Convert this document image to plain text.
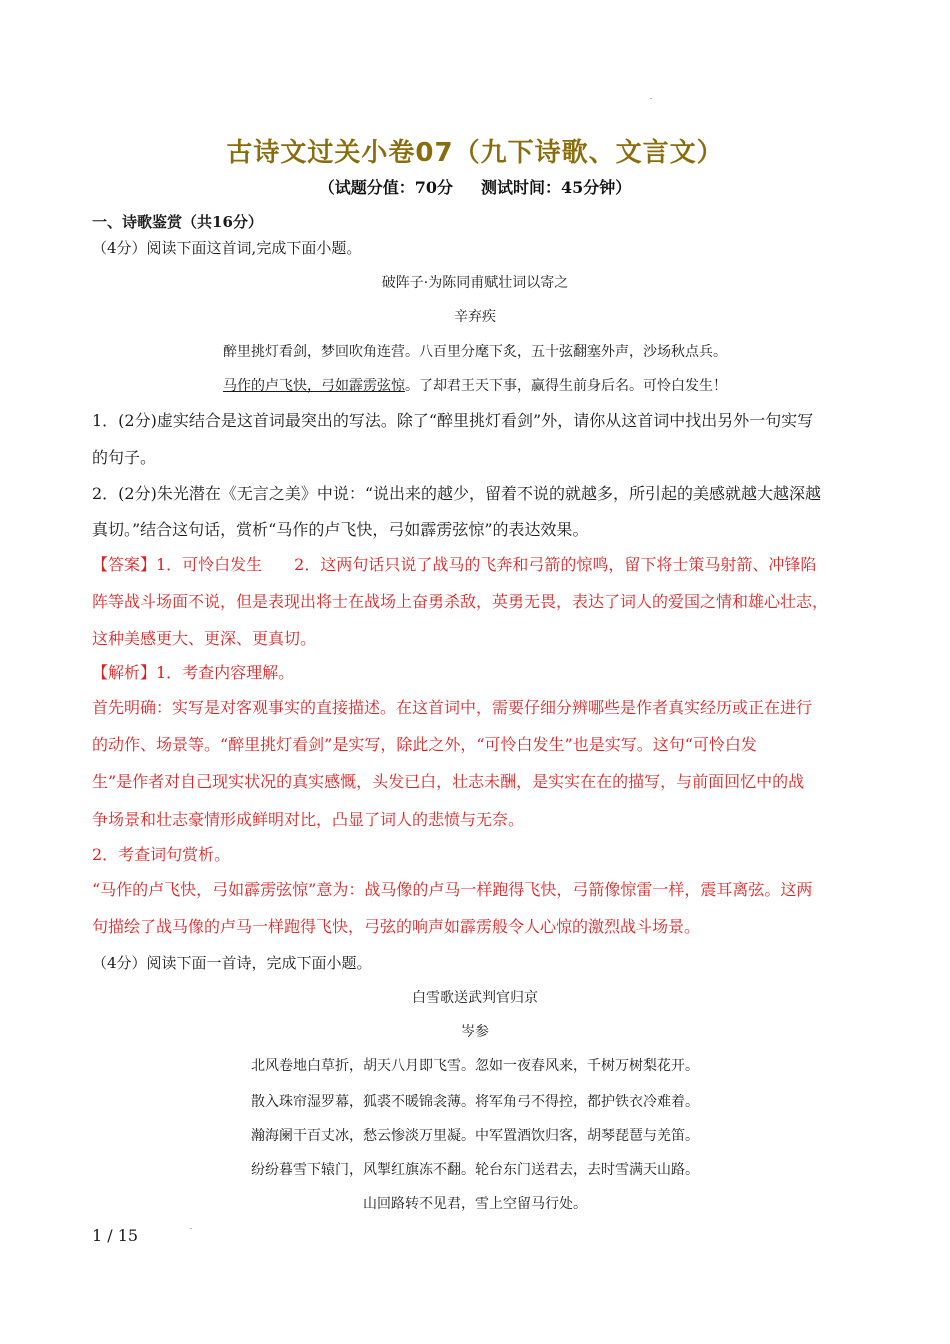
古诗文过关小卷07（九下诗歌、文言文）
（试题分值：70分 测试时间：45分钟）
一、诗歌鉴赏（共16分）
（4分）阅读下面这首词,完成下面小题。
破阵子·为陈同甫赋壮词以寄之
辛弃疾
醉里挑灯看剑，梦回吹角连营。八百里分麾下炙，五十弦翻塞外声，沙场秋点兵。
马作的卢飞快，弓如霹雳弦惊。了却君王天下事，赢得生前身后名。可怜白发生！
1．(2分)虚实结合是这首词最突出的写法。除了“醉里挑灯看剑”外，请你从这首词中找出另外一句实写
的句子。
2．(2分)朱光潜在《无言之美》中说：“说出来的越少，留着不说的就越多，所引起的美感就越大越深越
真切。”结合这句话，赏析“马作的卢飞快，弓如霹雳弦惊”的表达效果。
【答案】1．可怜白发生　　2．这两句话只说了战马的飞奔和弓箭的惊鸣，留下将士策马射箭、冲锋陷
阵等战斗场面不说，但是表现出将士在战场上奋勇杀敌，英勇无畏，表达了词人的爱国之情和雄心壮志，
这种美感更大、更深、更真切。
【解析】1．考查内容理解。
首先明确：实写是对客观事实的直接描述。在这首词中，需要仔细分辨哪些是作者真实经历或正在进行
的动作、场景等。“醉里挑灯看剑”是实写，除此之外，“可怜白发生”也是实写。这句“可怜白发
生”是作者对自己现实状况的真实感慨，头发已白，壮志未酬，是实实在在的描写，与前面回忆中的战
争场景和壮志豪情形成鲜明对比，凸显了词人的悲愤与无奈。
2．考查词句赏析。
“马作的卢飞快，弓如霹雳弦惊”意为：战马像的卢马一样跑得飞快，弓箭像惊雷一样，震耳离弦。这两
句描绘了战马像的卢马一样跑得飞快，弓弦的响声如霹雳般令人心惊的激烈战斗场景。
（4分）阅读下面一首诗，完成下面小题。
白雪歌送武判官归京
岑参
北风卷地白草折，胡天八月即飞雪。忽如一夜春风来，千树万树梨花开。
散入珠帘湿罗幕，狐裘不暖锦衾薄。将军角弓不得控，都护铁衣冷难着。
瀚海阑干百丈冰，愁云惨淡万里凝。中军置酒饮归客，胡琴琵琶与羌笛。
纷纷暮雪下辕门，风掣红旗冻不翻。轮台东门送君去，去时雪满天山路。
山回路转不见君，雪上空留马行处。
1 / 15
